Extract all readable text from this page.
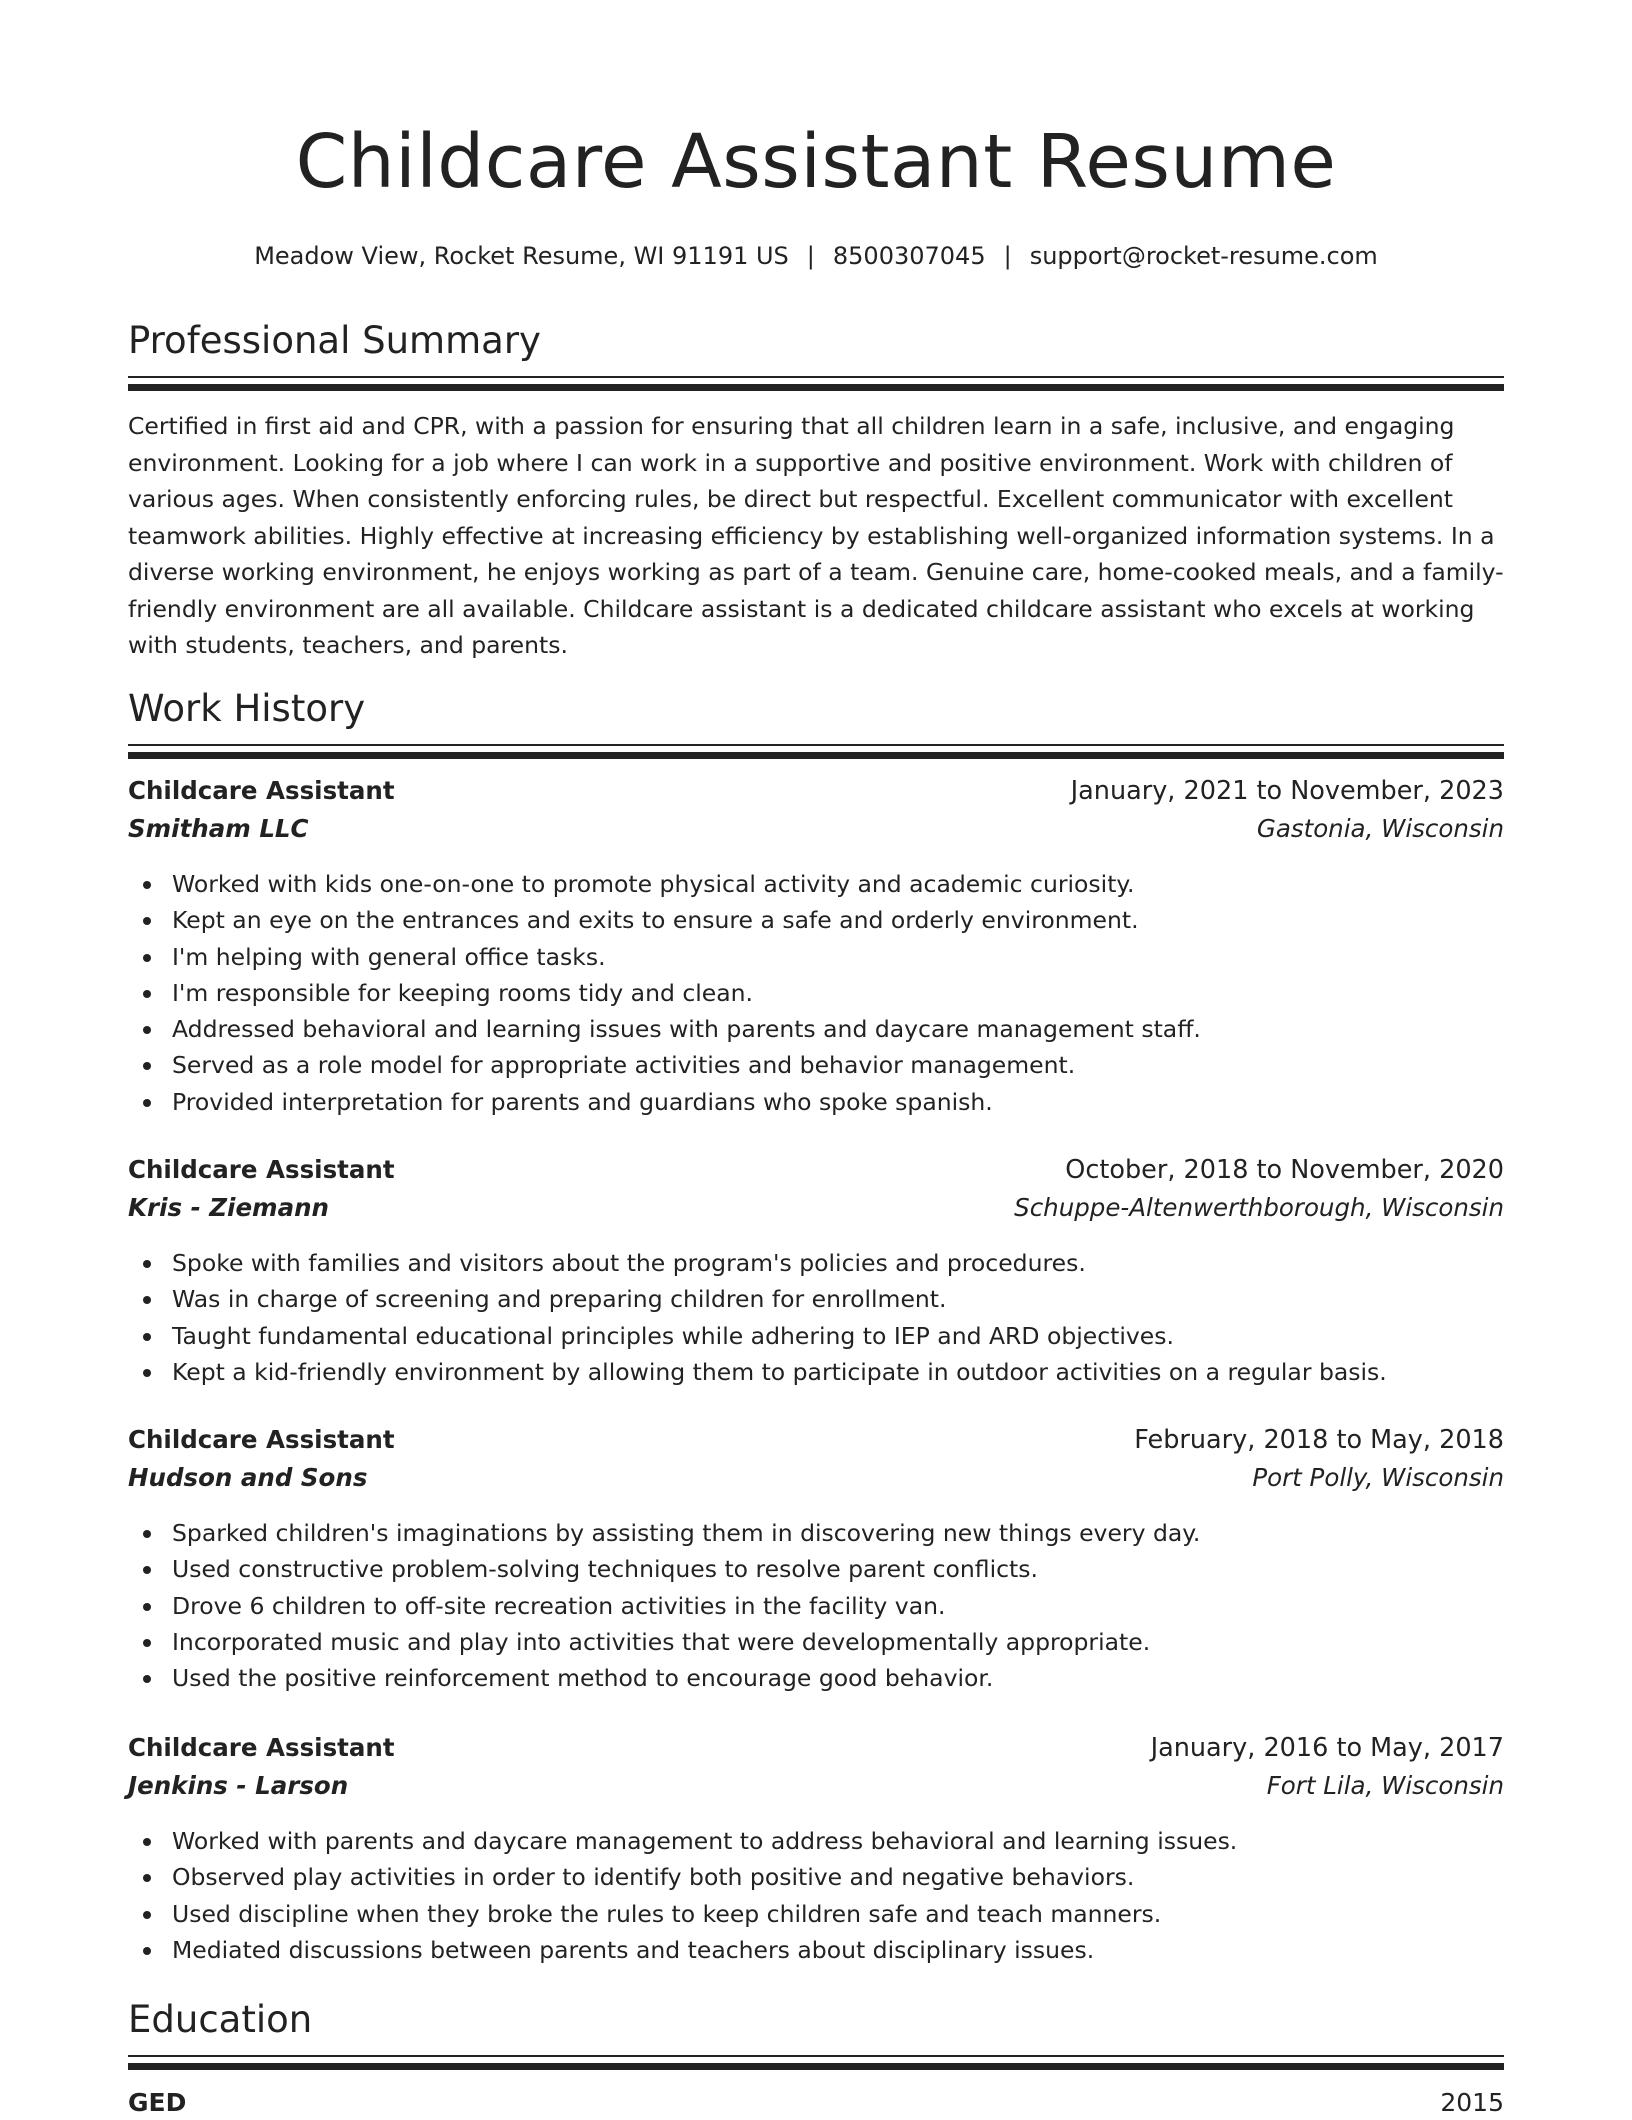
Childcare Assistant Resume
Meadow View, Rocket Resume, WI 91191 US | 8500307045 | support@rocket-resume.com
Professional Summary

Certified in first aid and CPR, with a passion for ensuring that all children learn in a safe, inclusive, and engaging environment. Looking for a job where I can work in a supportive and positive environment. Work with children of various ages. When consistently enforcing rules, be direct but respectful. Excellent communicator with excellent teamwork abilities. Highly effective at increasing efficiency by establishing well-organized information systems. In a diverse working environment, he enjoys working as part of a team. Genuine care, home-cooked meals, and a family-friendly environment are all available. Childcare assistant is a dedicated childcare assistant who excels at working with students, teachers, and parents.

Work History
Childcare Assistant	January, 2021 to November, 2023
Smitham LLC	Gastonia, Wisconsin
Worked with kids one-on-one to promote physical activity and academic curiosity.
Kept an eye on the entrances and exits to ensure a safe and orderly environment.
I'm helping with general office tasks.
I'm responsible for keeping rooms tidy and clean.
Addressed behavioral and learning issues with parents and daycare management staff.
Served as a role model for appropriate activities and behavior management.
Provided interpretation for parents and guardians who spoke spanish.
Childcare Assistant	October, 2018 to November, 2020
Kris - Ziemann	Schuppe-Altenwerthborough, Wisconsin
Spoke with families and visitors about the program's policies and procedures.
Was in charge of screening and preparing children for enrollment.
Taught fundamental educational principles while adhering to IEP and ARD objectives.
Kept a kid-friendly environment by allowing them to participate in outdoor activities on a regular basis.
Childcare Assistant	February, 2018 to May, 2018
Hudson and Sons	Port Polly, Wisconsin
Sparked children's imaginations by assisting them in discovering new things every day.
Used constructive problem-solving techniques to resolve parent conflicts.
Drove 6 children to off-site recreation activities in the facility van.
Incorporated music and play into activities that were developmentally appropriate.
Used the positive reinforcement method to encourage good behavior.
Childcare Assistant	January, 2016 to May, 2017
Jenkins - Larson	Fort Lila, Wisconsin
Worked with parents and daycare management to address behavioral and learning issues.
Observed play activities in order to identify both positive and negative behaviors.
Used discipline when they broke the rules to keep children safe and teach manners.
Mediated discussions between parents and teachers about disciplinary issues.
Education
GED	2015
